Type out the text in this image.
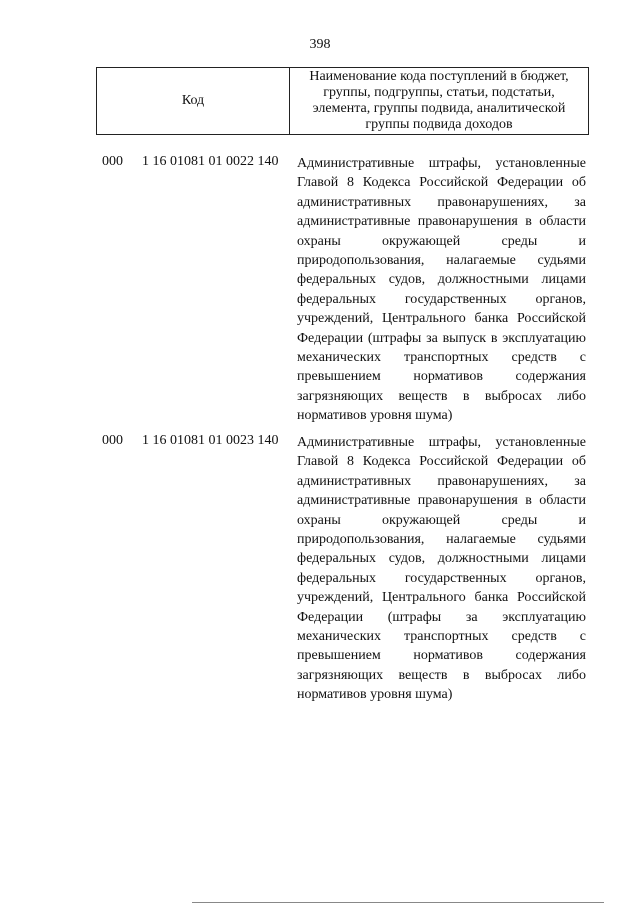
398
Код
Наименование кода поступлений в бюджет, группы, подгруппы, статьи, подстатьи, элемента, группы подвида, аналитической группы подвида доходов
000 1 16 01081 01 0022 140 Административные штрафы, установленные Главой 8 Кодекса Российской Федерации об административных правонарушениях, за административные правонарушения в области охраны окружающей среды и природопользования, налагаемые судьями федеральных судов, должностными лицами федеральных государственных органов, учреждений, Центрального банка Российской Федерации (штрафы за выпуск в эксплуатацию механических транспортных средств с превышением нормативов содержания загрязняющих веществ в выбросах либо нормативов уровня шума)
000 1 16 01081 01 0023 140 Административные штрафы, установленные Главой 8 Кодекса Российской Федерации об административных правонарушениях, за административные правонарушения в области охраны окружающей среды и природопользования, налагаемые судьями федеральных судов, должностными лицами федеральных государственных органов, учреждений, Центрального банка Российской Федерации (штрафы за эксплуатацию механических транспортных средств с превышением нормативов содержания загрязняющих веществ в выбросах либо нормативов уровня шума)
